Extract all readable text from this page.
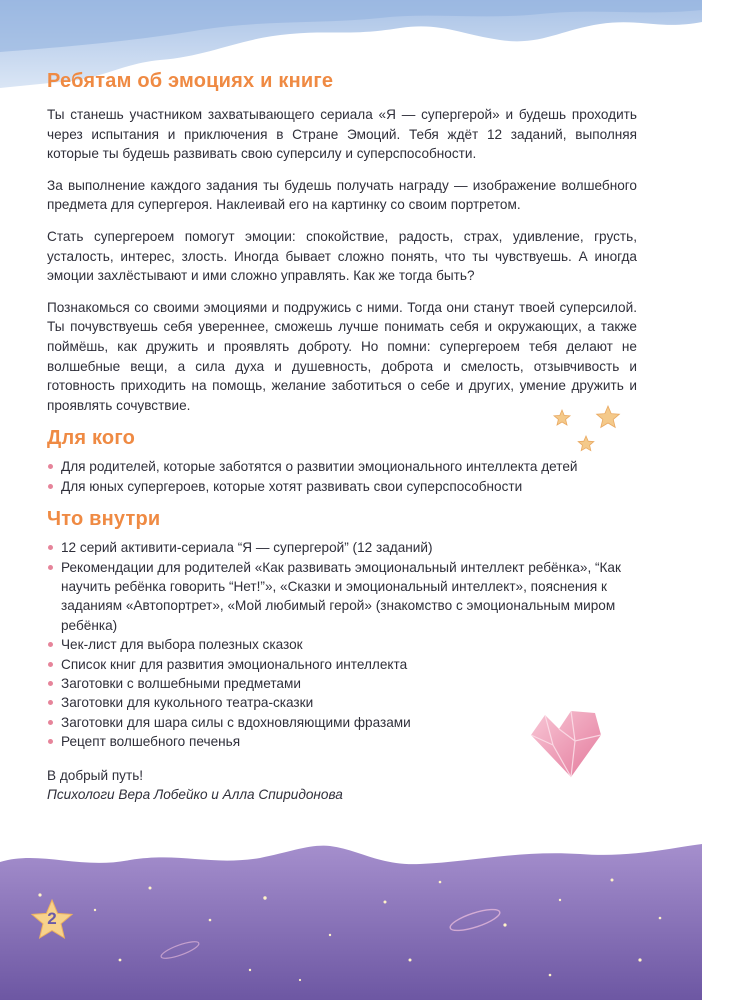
Ребятам об эмоциях и книге

Ты станешь участником захватывающего сериала «Я — супергерой» и будешь проходить через испытания и приключения в Стране Эмоций. Тебя ждёт 12 заданий, выполняя которые ты будешь развивать свою суперсилу и суперспособности.

За выполнение каждого задания ты будешь получать награду — изображение волшебного предмета для супергероя. Наклеивай его на картинку со своим портретом.

Стать супергероем помогут эмоции: спокойствие, радость, страх, удивление, грусть, усталость, интерес, злость. Иногда бывает сложно понять, что ты чувствуешь. А иногда эмоции захлёстывают и ими сложно управлять. Как же тогда быть?

Познакомься со своими эмоциями и подружись с ними. Тогда они станут твоей суперсилой. Ты почувствуешь себя увереннее, сможешь лучше понимать себя и окружающих, а также поймёшь, как дружить и проявлять доброту. Но помни: супергероем тебя делают не волшебные вещи, а сила духа и душевность, доброта и смелость, отзывчивость и готовность приходить на помощь, желание заботиться о себе и других, умение дружить и проявлять сочувствие.

Для кого
Для родителей, которые заботятся о развитии эмоционального интеллекта детей
Для юных супергероев, которые хотят развивать свои суперспособности
Что внутри
12 серий активити-сериала “Я — супергерой” (12 заданий)
Рекомендации для родителей «Как развивать эмоциональный интеллект ребёнка», “Как научить ребёнка говорить “Нет!”», «Сказки и эмоциональный интеллект», пояснения к заданиям «Автопортрет», «Мой любимый герой» (знакомство с эмоциональным миром ребёнка)
Чек-лист для выбора полезных сказок
Список книг для развития эмоционального интеллекта
Заготовки с волшебными предметами
Заготовки для кукольного театра-сказки
Заготовки для шара силы с вдохновляющими фразами
Рецепт волшебного печенья
В добрый путь!
Психологи Вера Лобейко и Алла Спиридонова
2
